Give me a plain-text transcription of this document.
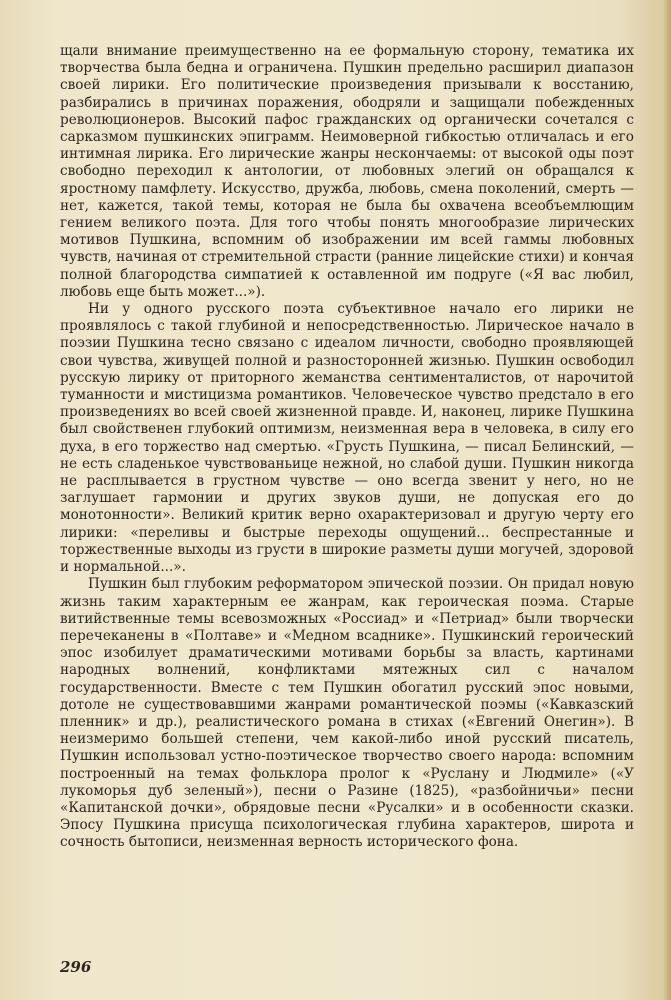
щали внимание преимущественно на ее формальную сторону, тематика их творчества была бедна и ограничена. Пушкин предельно расширил диапазон своей лирики. Его политические произведения призывали к восстанию, разбирались в причинах поражения, ободряли и защищали побежденных революционеров. Высокий пафос гражданских од органически сочетался с сарказмом пушкинских эпиграмм. Неимоверной гибкостью отличалась и его интимная лирика. Его лирические жанры нескончаемы: от высокой оды поэт свободно переходил к антологии, от любовных элегий он обращался к яростному памфлету. Искусство, дружба, любовь, смена поколений, смерть — нет, кажется, такой темы, которая не была бы охвачена всеобъемлющим гением великого поэта. Для того чтобы понять многообразие лирических мотивов Пушкина, вспомним об изображении им всей гаммы любовных чувств, начиная от стремительной страсти (ранние лицейские стихи) и кончая полной благородства симпатией к оставленной им подруге («Я вас любил, любовь еще быть может...»).

Ни у одного русского поэта субъективное начало его лирики не проявлялось с такой глубиной и непосредственностью. Лирическое начало в поэзии Пушкина тесно связано с идеалом личности, свободно проявляющей свои чувства, живущей полной и разносторонней жизнью. Пушкин освободил русскую лирику от приторного жеманства сентименталистов, от нарочитой туманности и мистицизма романтиков. Человеческое чувство предстало в его произведениях во всей своей жизненной правде. И, наконец, лирике Пушкина был свойственен глубокий оптимизм, неизменная вера в человека, в силу его духа, в его торжество над смертью. «Грусть Пушкина, — писал Белинский, — не есть сладенькое чувствованьице нежной, но слабой души. Пушкин никогда не расплывается в грустном чувстве — оно всегда звенит у него, но не заглушает гармонии и других звуков души, не допуская его до монотонности». Великий критик верно охарактеризовал и другую черту его лирики: «переливы и быстрые переходы ощущений... беспрестанные и торжественные выходы из грусти в широкие разметы души могучей, здоровой и нормальной...».

Пушкин был глубоким реформатором эпической поэзии. Он придал новую жизнь таким характерным ее жанрам, как героическая поэма. Старые витийственные темы всевозможных «Россиад» и «Петриад» были творчески перечеканены в «Полтаве» и «Медном всаднике». Пушкинский героический эпос изобилует драматическими мотивами борьбы за власть, картинами народных волнений, конфликтами мятежных сил с началом государственности. Вместе с тем Пушкин обогатил русский эпос новыми, дотоле не существовавшими жанрами романтической поэмы («Кавказский пленник» и др.), реалистического романа в стихах («Евгений Онегин»). В неизмеримо большей степени, чем какой-либо иной русский писатель, Пушкин использовал устно-поэтическое творчество своего народа: вспомним построенный на темах фольклора пролог к «Руслану и Людмиле» («У лукоморья дуб зеленый»), песни о Разине (1825), «разбойничьи» песни «Капитанской дочки», обрядовые песни «Русалки» и в особенности сказки. Эпосу Пушкина присуща психологическая глубина характеров, широта и сочность бытописи, неизменная верность исторического фона.

296
